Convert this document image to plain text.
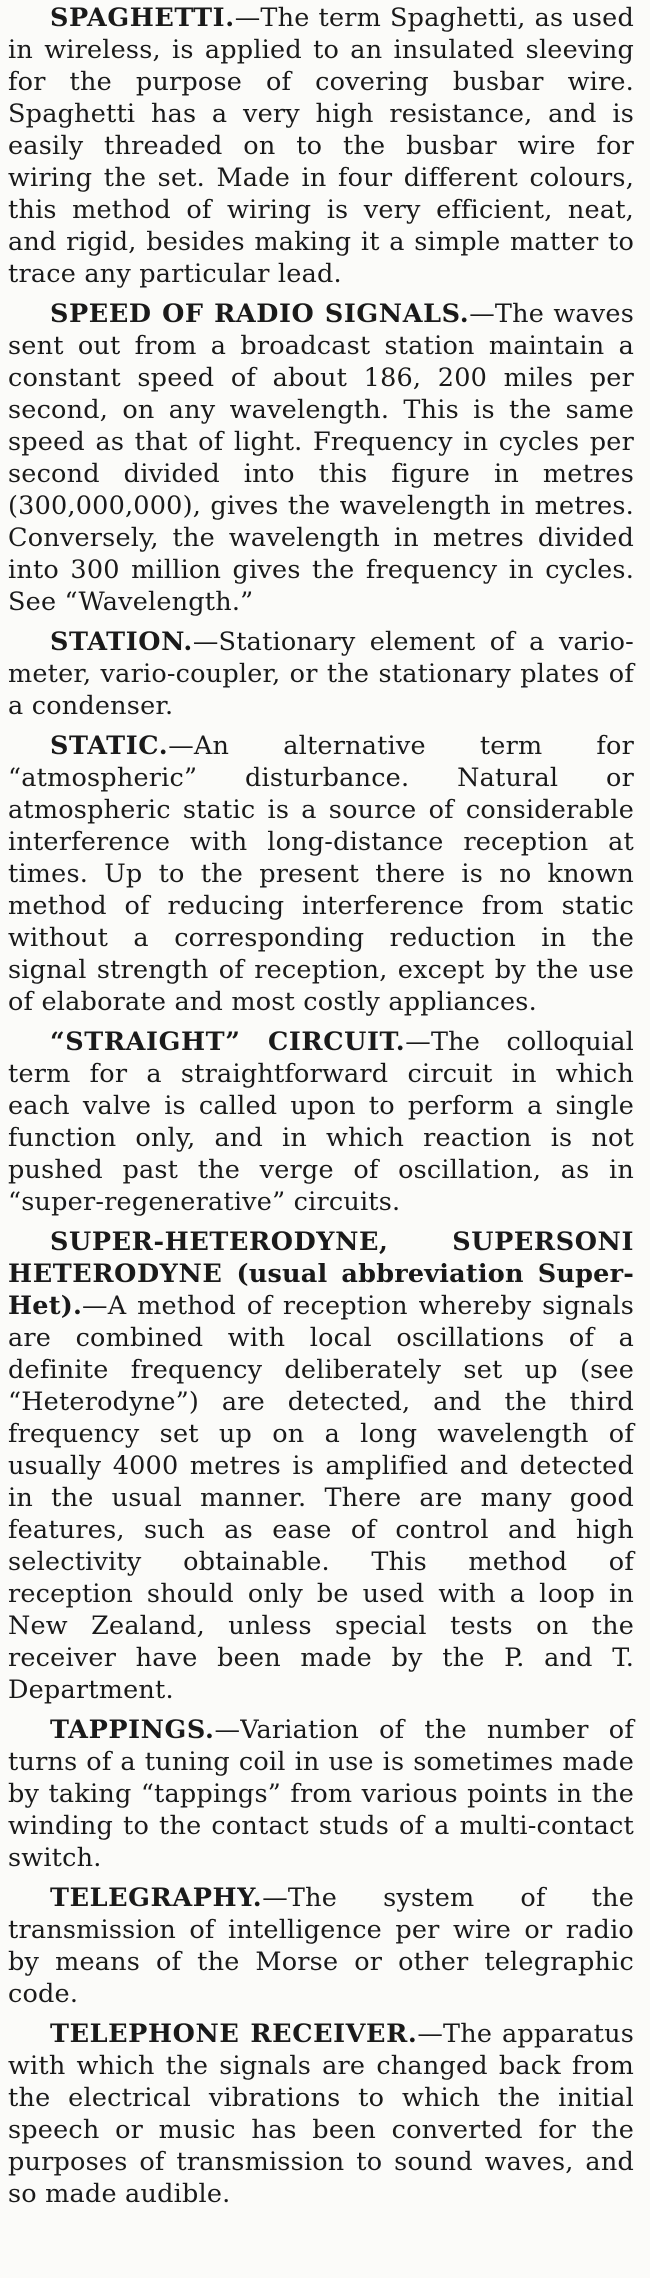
SPAGHETTI.—The term Spaghetti, as used in wireless, is applied to an insulated sleeving for the purpose of covering busbar wire. Spaghetti has a very high resistance, and is easily threaded on to the busbar wire for wiring the set. Made in four different colours, this method of wiring is very efficient, neat, and rigid, besides making it a simple matter to trace any particular lead.

SPEED OF RADIO SIGNALS.—The waves sent out from a broadcast station maintain a constant speed of about 186, 200 miles per second, on any wavelength. This is the same speed as that of light. Frequency in cycles per second divided into this figure in metres (300,000,000), gives the wavelength in metres. Conversely, the wavelength in metres divided into 300 million gives the frequency in cycles. See “Wavelength.”

STATION.—Stationary element of a vario-meter, vario-coupler, or the stationary plates of a condenser.

STATIC.—An alternative term for “atmospheric” disturbance. Natural or atmospheric static is a source of considerable interference with long-distance reception at times. Up to the present there is no known method of reducing interference from static without a corresponding reduction in the signal strength of reception, except by the use of elaborate and most costly appliances.

“STRAIGHT” CIRCUIT.—The colloquial term for a straightforward circuit in which each valve is called upon to perform a single function only, and in which reaction is not pushed past the verge of oscillation, as in “super-regenerative” circuits.

SUPER-HETERODYNE, SUPERSONI HETERODYNE (usual abbreviation Super-Het).—A method of reception whereby signals are combined with local oscillations of a definite frequency deliberately set up (see “Heterodyne”) are detected, and the third frequency set up on a long wavelength of usually 4000 metres is amplified and detected in the usual manner. There are many good features, such as ease of control and high selectivity obtainable. This method of reception should only be used with a loop in New Zealand, unless special tests on the receiver have been made by the P. and T. Department.

TAPPINGS.—Variation of the number of turns of a tuning coil in use is sometimes made by taking “tappings” from various points in the winding to the contact studs of a multi-contact switch.

TELEGRAPHY.—The system of the transmission of intelligence per wire or radio by means of the Morse or other telegraphic code.

TELEPHONE RECEIVER.—The apparatus with which the signals are changed back from the electrical vibrations to which the initial speech or music has been converted for the purposes of transmission to sound waves, and so made audible.
